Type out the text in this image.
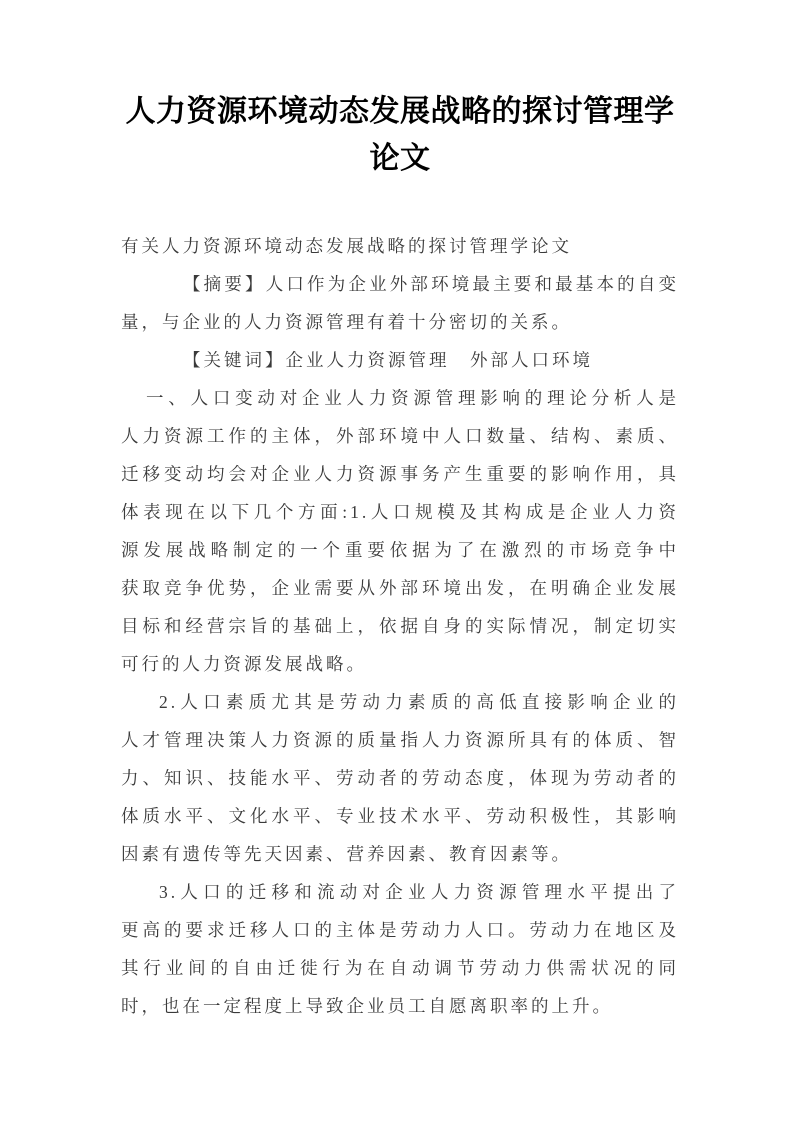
人力资源环境动态发展战略的探讨管理学
论文
有关人力资源环境动态发展战略的探讨管理学论文
【摘要】人口作为企业外部环境最主要和最基本的自变
量，与企业的人力资源管理有着十分密切的关系。
【关键词】企业人力资源管理　外部人口环境
一、人口变动对企业人力资源管理影响的理论分析人是
人力资源工作的主体，外部环境中人口数量、结构、素质、
迁移变动均会对企业人力资源事务产生重要的影响作用，具
体表现在以下几个方面:1.人口规模及其构成是企业人力资
源发展战略制定的一个重要依据为了在激烈的市场竞争中
获取竞争优势，企业需要从外部环境出发，在明确企业发展
目标和经营宗旨的基础上，依据自身的实际情况，制定切实
可行的人力资源发展战略。
2.人口素质尤其是劳动力素质的高低直接影响企业的
人才管理决策人力资源的质量指人力资源所具有的体质、智
力、知识、技能水平、劳动者的劳动态度，体现为劳动者的
体质水平、文化水平、专业技术水平、劳动积极性，其影响
因素有遗传等先天因素、营养因素、教育因素等。
3.人口的迁移和流动对企业人力资源管理水平提出了
更高的要求迁移人口的主体是劳动力人口。劳动力在地区及
其行业间的自由迁徙行为在自动调节劳动力供需状况的同
时，也在一定程度上导致企业员工自愿离职率的上升。
